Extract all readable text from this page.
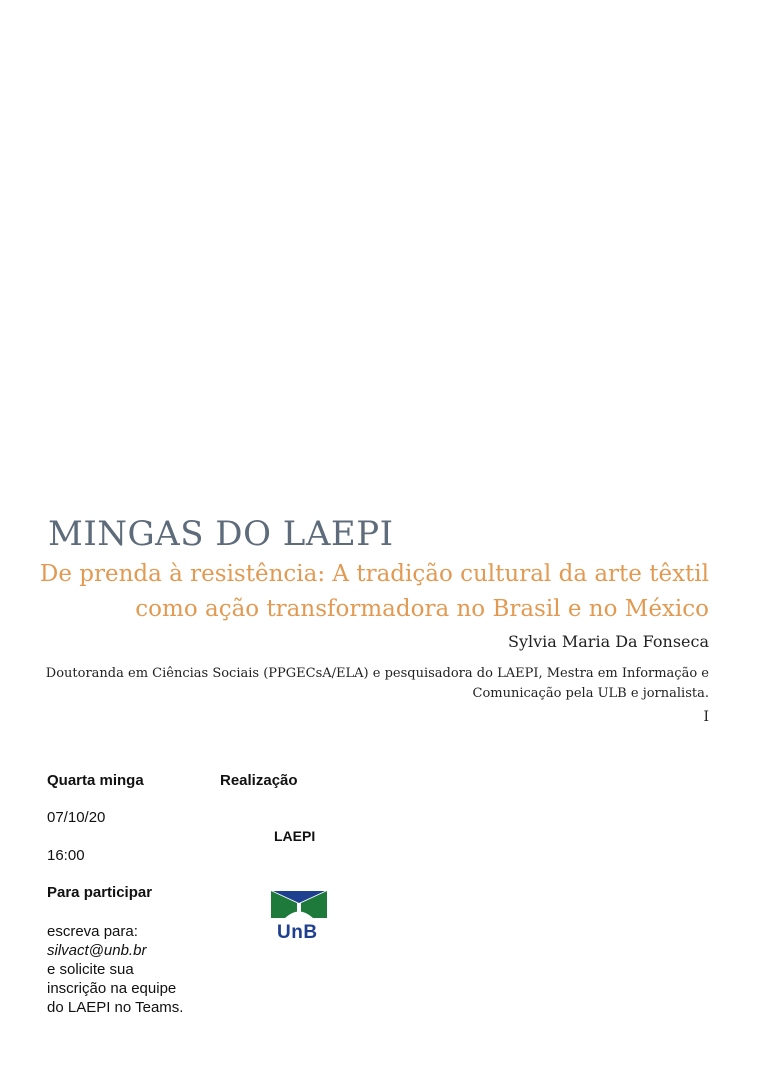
MINGAS DO LAEPI
De prenda à resistência: A tradição cultural da arte têxtil
como ação transformadora no Brasil e no México
Sylvia Maria Da Fonseca
Doutoranda em Ciências Sociais (PPGECsA/ELA) e pesquisadora do LAEPI, Mestra em Informação e
Comunicação pela ULB e jornalista.
I
Quarta minga
07/10/20
16:00
Para participar
escreva para:
silvact@unb.br
e solicite sua
inscrição na equipe
do LAEPI no Teams.
Realização
LAEPI
UnB
